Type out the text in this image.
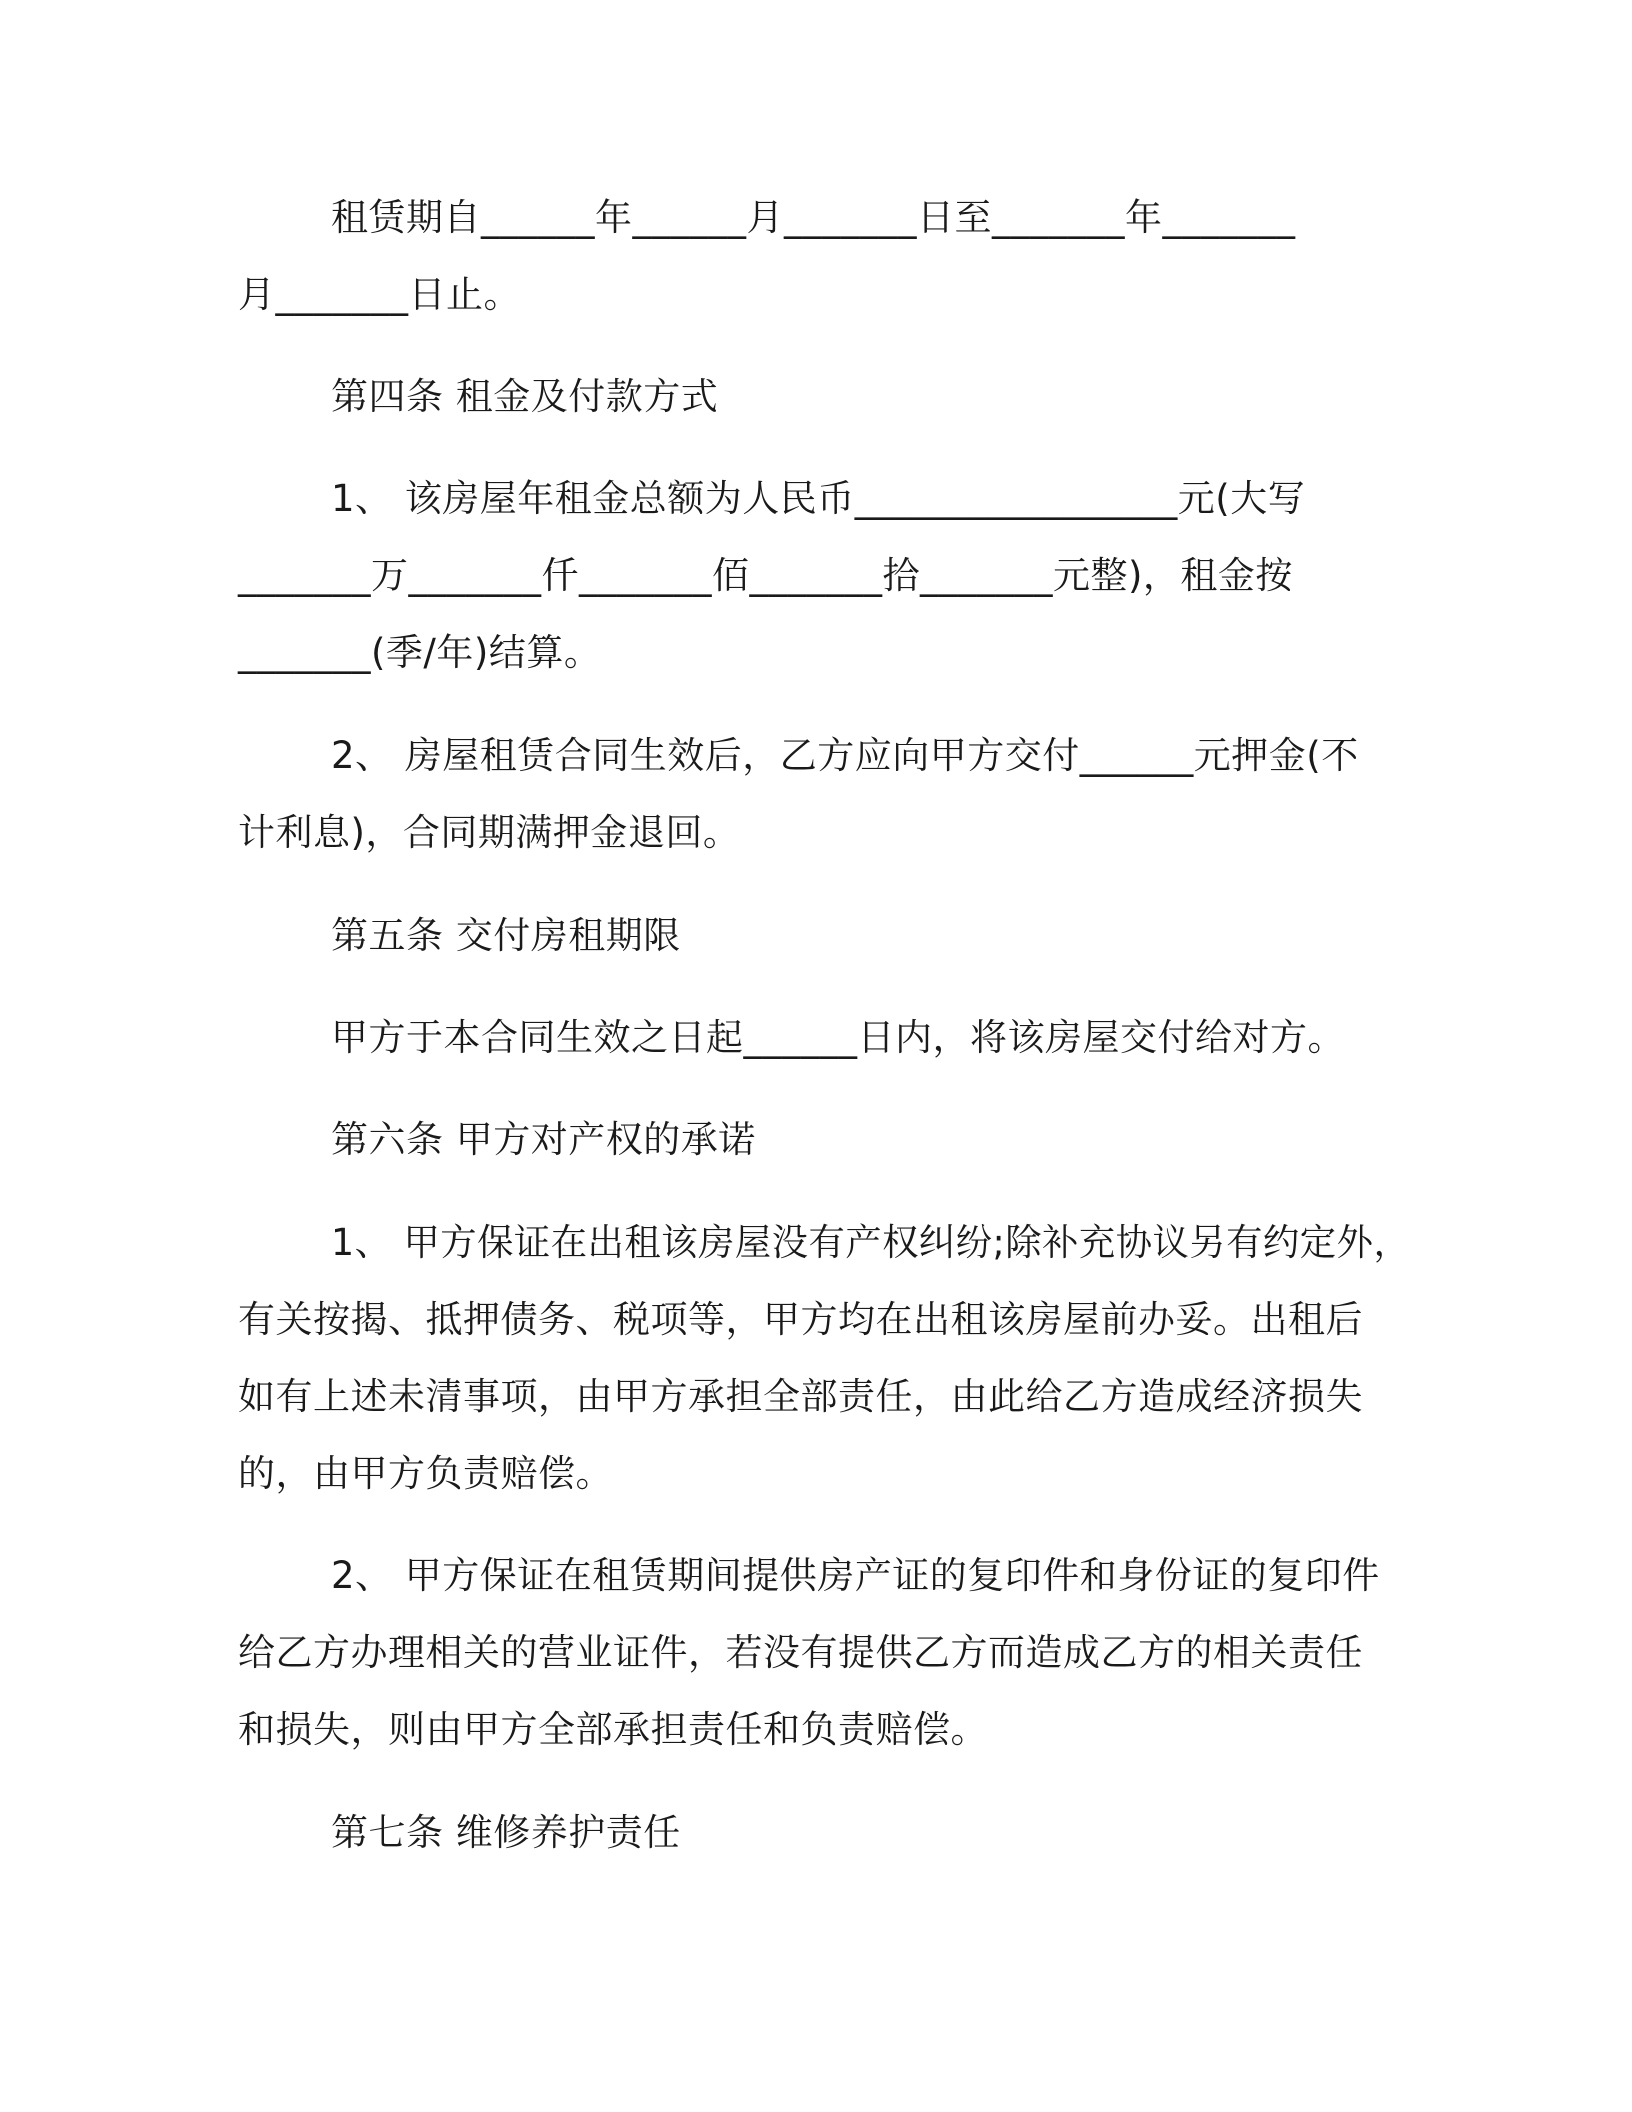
租赁期自______年______月_______日至_______年_______
月_______日止。
第四条 租金及付款方式
1、 该房屋年租金总额为人民币_________________元(大写
_______万_______仟_______佰_______拾_______元整)，租金按
_______(季/年)结算。
2、 房屋租赁合同生效后，乙方应向甲方交付______元押金(不
计利息)，合同期满押金退回。
第五条 交付房租期限
甲方于本合同生效之日起______日内，将该房屋交付给对方。
第六条 甲方对产权的承诺
1、 甲方保证在出租该房屋没有产权纠纷;除补充协议另有约定外，
有关按揭、抵押债务、税项等，甲方均在出租该房屋前办妥。出租后
如有上述未清事项，由甲方承担全部责任，由此给乙方造成经济损失
的，由甲方负责赔偿。
2、 甲方保证在租赁期间提供房产证的复印件和身份证的复印件
给乙方办理相关的营业证件，若没有提供乙方而造成乙方的相关责任
和损失，则由甲方全部承担责任和负责赔偿。
第七条 维修养护责任
